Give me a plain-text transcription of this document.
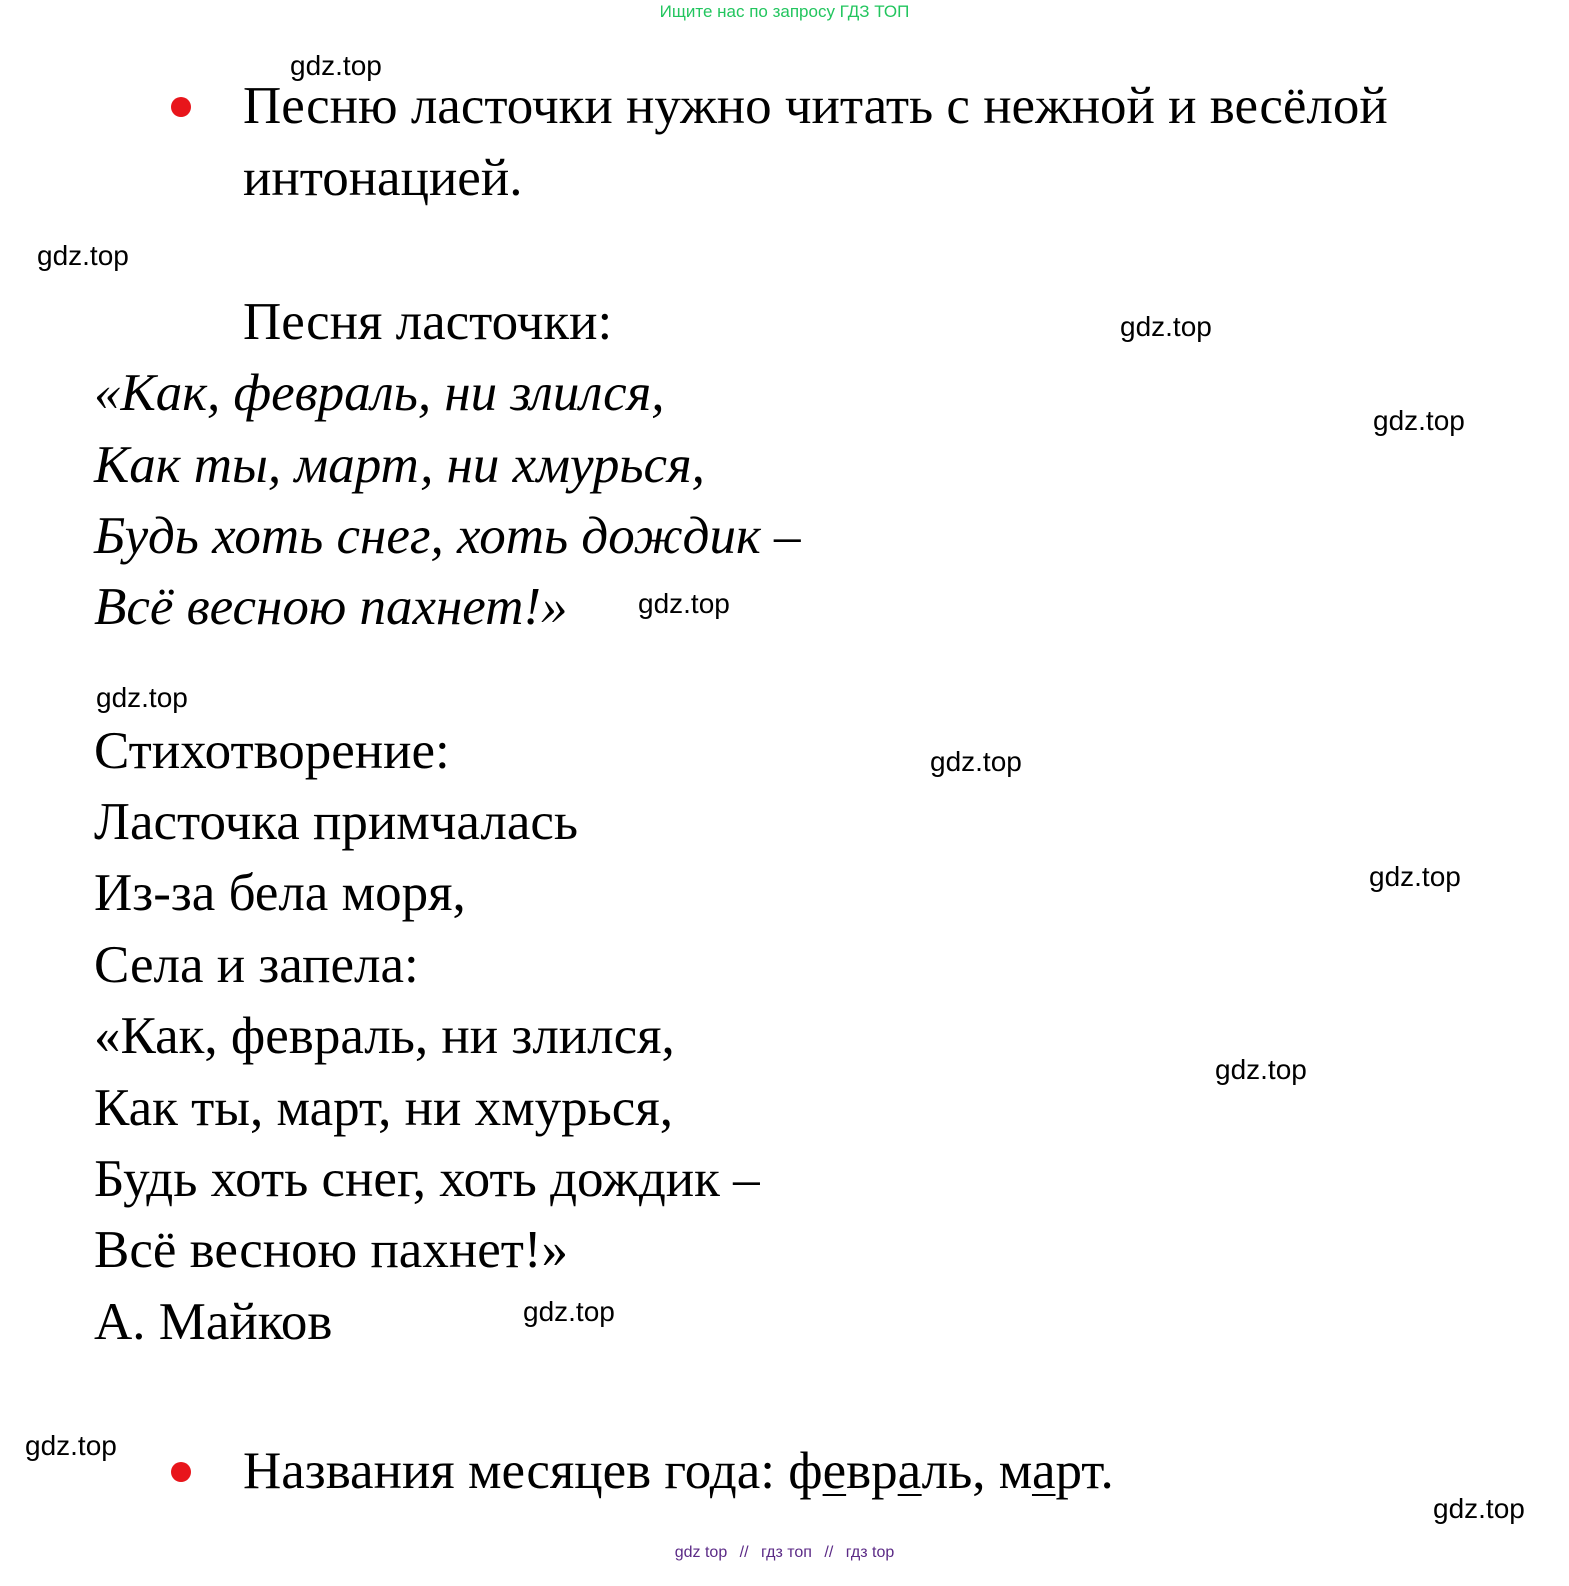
Ищите нас по запросу ГДЗ ТОП
gdz.top
gdz.top
gdz.top
gdz.top
gdz.top
gdz.top
gdz.top
gdz.top
gdz.top
gdz.top
gdz.top
gdz.top
Песню ласточки нужно читать с нежной и весёлой интонацией.
Песня ласточки:
«Как, февраль, ни злился,
Как ты, март, ни хмурься,
Будь хоть снег, хоть дождик –
Всё весною пахнет!»
Стихотворение:
Ласточка примчалась
Из-за бела моря,
Села и запела:
«Как, февраль, ни злился,
Как ты, март, ни хмурься,
Будь хоть снег, хоть дождик –
Всё весною пахнет!»
А. Майков
Названия месяцев года: февраль, март.
gdz top // гдз топ // гдз top
